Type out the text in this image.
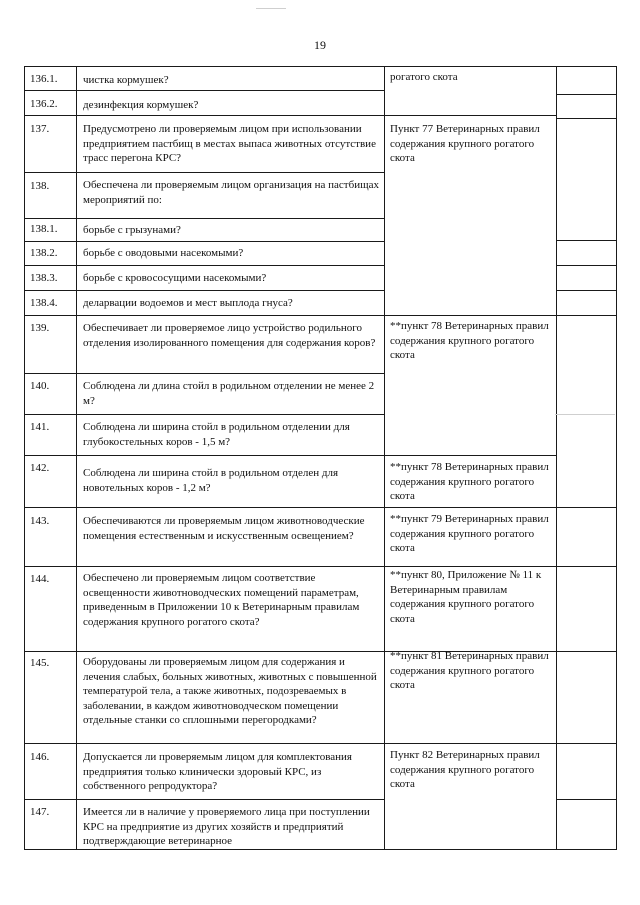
19
136.1.
136.2.
137.
138.
138.1.
138.2.
138.3.
138.4.
139.
140.
141.
142.
143.
144.
145.
146.
147.
чистка кормушек?
дезинфекция кормушек?
Предусмотрено ли проверяемым лицом при использовании предприятием пастбищ в местах выпаса животных отсутствие трасс перегона КРС?
Обеспечена ли проверяемым лицом организация на пастбищах мероприятий по:
борьбе с грызунами?
борьбе с оводовыми насекомыми?
борьбе с кровососущими насекомыми?
деларвации водоемов и мест выплода гнуса?
Обеспечивает ли проверяемое лицо устройство родильного отделения изолированного помещения для содержания коров?
Соблюдена ли длина стойл в родильном отделении не менее 2 м?
Соблюдена ли ширина стойл в родильном отделении для глубокостельных коров - 1,5 м?
Соблюдена ли ширина стойл в родильном отделен для новотельных коров - 1,2 м?
Обеспечиваются ли проверяемым лицом животноводческие помещения естественным и искусственным освещением?
Обеспечено ли проверяемым лицом соответствие освещенности животноводческих помещений параметрам, приведенным в Приложении 10 к Ветеринарным правилам содержания крупного рогатого скота?
Оборудованы ли проверяемым лицом для содержания и лечения слабых, больных животных, животных с повышенной температурой тела, а также животных, подозреваемых в заболевании, в каждом животноводческом помещении отдельные станки со сплошными перегородками?
Допускается ли проверяемым лицом для комплектования предприятия только клинически здоровый КРС, из собственного репродуктора?
Имеется ли в наличие у проверяемого лица при поступлении КРС на предприятие из других хозяйств и предприятий подтверждающие ветеринарное
рогатого скота
Пункт 77 Ветеринарных правил содержания крупного рогатого скота
**пункт 78 Ветеринарных правил содержания крупного рогатого скота
**пункт 78 Ветеринарных правил содержания крупного рогатого скота
**пункт 79 Ветеринарных правил содержания крупного рогатого скота
**пункт 80, Приложение № 11 к Ветеринарным правилам содержания крупного рогатого скота
**пункт 81 Ветеринарных правил содержания крупного рогатого скота
Пункт 82 Ветеринарных правил содержания крупного рогатого скота
